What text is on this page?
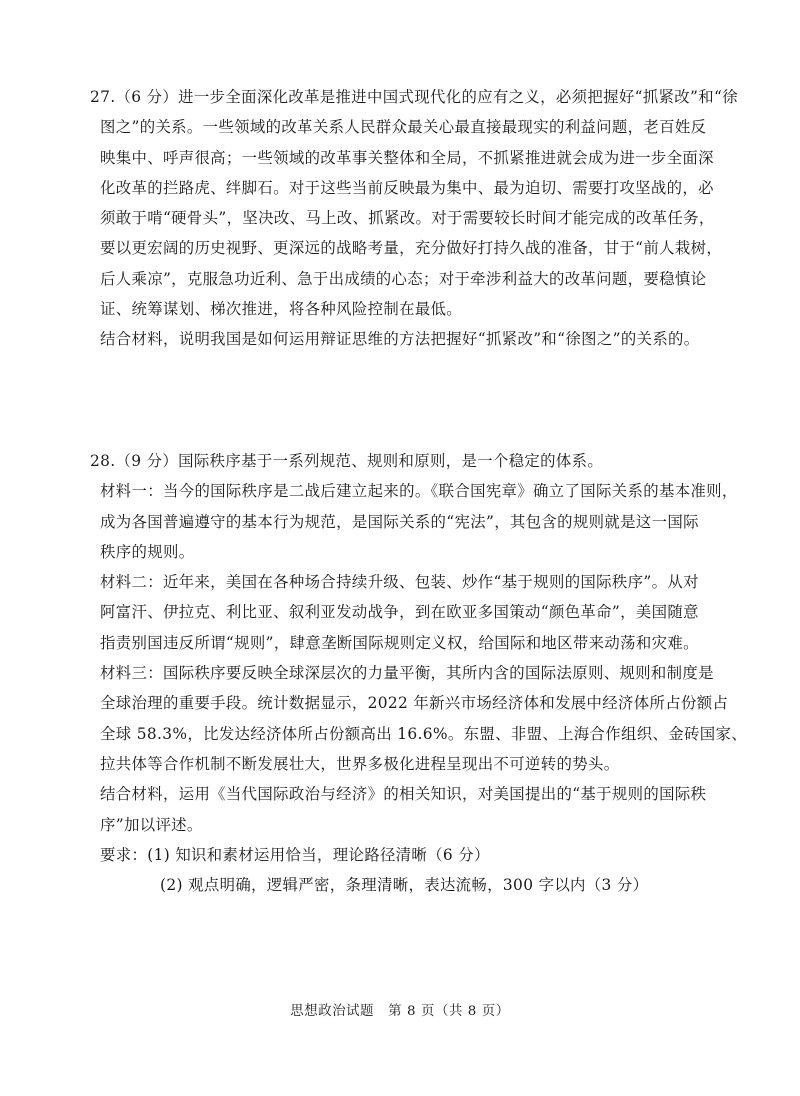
27.（6 分）进一步全面深化改革是推进中国式现代化的应有之义，必须把握好“抓紧改”和“徐
图之”的关系。一些领域的改革关系人民群众最关心最直接最现实的利益问题，老百姓反
映集中、呼声很高；一些领域的改革事关整体和全局，不抓紧推进就会成为进一步全面深
化改革的拦路虎、绊脚石。对于这些当前反映最为集中、最为迫切、需要打攻坚战的，必
须敢于啃“硬骨头”，坚决改、马上改、抓紧改。对于需要较长时间才能完成的改革任务，
要以更宏阔的历史视野、更深远的战略考量，充分做好打持久战的准备，甘于“前人栽树，
后人乘凉”，克服急功近利、急于出成绩的心态；对于牵涉利益大的改革问题，要稳慎论
证、统筹谋划、梯次推进，将各种风险控制在最低。
结合材料，说明我国是如何运用辩证思维的方法把握好“抓紧改”和“徐图之”的关系的。
28.（9 分）国际秩序基于一系列规范、规则和原则，是一个稳定的体系。
材料一：当今的国际秩序是二战后建立起来的。《联合国宪章》确立了国际关系的基本准则，
成为各国普遍遵守的基本行为规范，是国际关系的“宪法”，其包含的规则就是这一国际
秩序的规则。
材料二：近年来，美国在各种场合持续升级、包装、炒作“基于规则的国际秩序”。从对
阿富汗、伊拉克、利比亚、叙利亚发动战争，到在欧亚多国策动“颜色革命”，美国随意
指责别国违反所谓“规则”，肆意垄断国际规则定义权，给国际和地区带来动荡和灾难。
材料三：国际秩序要反映全球深层次的力量平衡，其所内含的国际法原则、规则和制度是
全球治理的重要手段。统计数据显示，2022 年新兴市场经济体和发展中经济体所占份额占
全球 58.3%，比发达经济体所占份额高出 16.6%。东盟、非盟、上海合作组织、金砖国家、
拉共体等合作机制不断发展壮大，世界多极化进程呈现出不可逆转的势头。
结合材料，运用《当代国际政治与经济》的相关知识，对美国提出的“基于规则的国际秩
序”加以评述。
要求：(1) 知识和素材运用恰当，理论路径清晰（6 分）
(2) 观点明确，逻辑严密，条理清晰，表达流畅，300 字以内（3 分）
思想政治试题　第 8 页（共 8 页）
